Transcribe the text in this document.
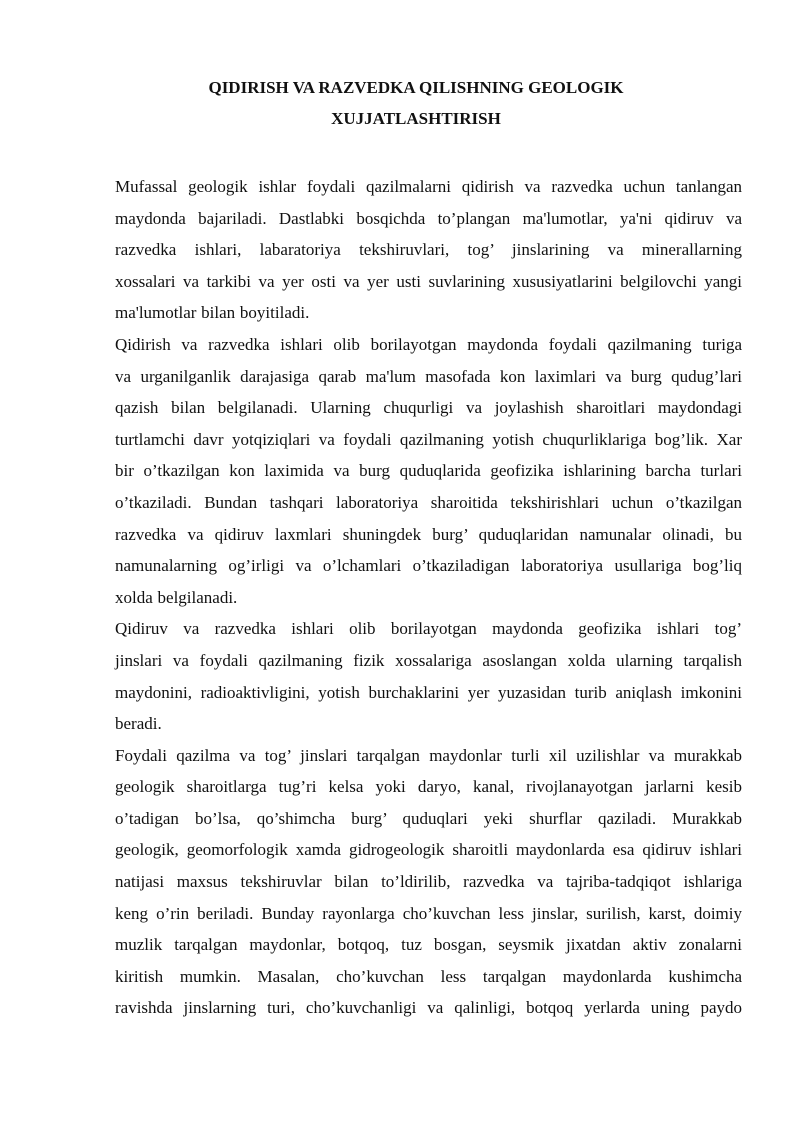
QIDIRISH VA RAZVEDKA QILISHNING GEOLOGIK
XUJJATLASHTIRISH

Mufassal geologik ishlar foydali qazilmalarni qidirish va razvedka uchun tanlangan
maydonda bajariladi. Dastlabki bosqichda to’plangan ma'lumotlar, ya'ni qidiruv va
razvedka ishlari, labaratoriya tekshiruvlari, tog’ jinslarining va minerallarning
xossalari va tarkibi va yer osti va yer usti suvlarining xususiyatlarini belgilovchi yangi
ma'lumotlar bilan boyitiladi.

Qidirish va razvedka ishlari olib borilayotgan maydonda foydali qazilmaning turiga
va urganilganlik darajasiga qarab ma'lum masofada kon laximlari va burg qudug’lari
qazish bilan belgilanadi. Ularning chuqurligi va joylashish sharoitlari maydondagi
turtlamchi davr yotqiziqlari va foydali qazilmaning yotish chuqurliklariga bog’lik. Xar
bir o’tkazilgan kon laximida va burg quduqlarida geofizika ishlarining barcha turlari
o’tkaziladi. Bundan tashqari laboratoriya sharoitida tekshirishlari uchun o’tkazilgan
razvedka va qidiruv laxmlari shuningdek burg’ quduqlaridan namunalar olinadi, bu
namunalarning og’irligi va o’lchamlari o’tkaziladigan laboratoriya usullariga bog’liq
xolda belgilanadi.

Qidiruv va razvedka ishlari olib borilayotgan maydonda geofizika ishlari tog’
jinslari va foydali qazilmaning fizik xossalariga asoslangan xolda ularning tarqalish
maydonini, radioaktivligini, yotish burchaklarini yer yuzasidan turib aniqlash imkonini
beradi.

Foydali qazilma va tog’ jinslari tarqalgan maydonlar turli xil uzilishlar va murakkab
geologik sharoitlarga tug’ri kelsa yoki daryo, kanal, rivojlanayotgan jarlarni kesib
o’tadigan bo’lsa, qo’shimcha burg’ quduqlari yeki shurflar qaziladi. Murakkab
geologik, geomorfologik xamda gidrogeologik sharoitli maydonlarda esa qidiruv ishlari
natijasi maxsus tekshiruvlar bilan to’ldirilib, razvedka va tajriba-tadqiqot ishlariga
keng o’rin beriladi. Bunday rayonlarga cho’kuvchan less jinslar, surilish, karst, doimiy
muzlik tarqalgan maydonlar, botqoq, tuz bosgan, seysmik jixatdan aktiv zonalarni
kiritish mumkin. Masalan, cho’kuvchan less tarqalgan maydonlarda kushimcha
ravishda jinslarning turi, cho’kuvchanligi va qalinligi, botqoq yerlarda uning paydo
